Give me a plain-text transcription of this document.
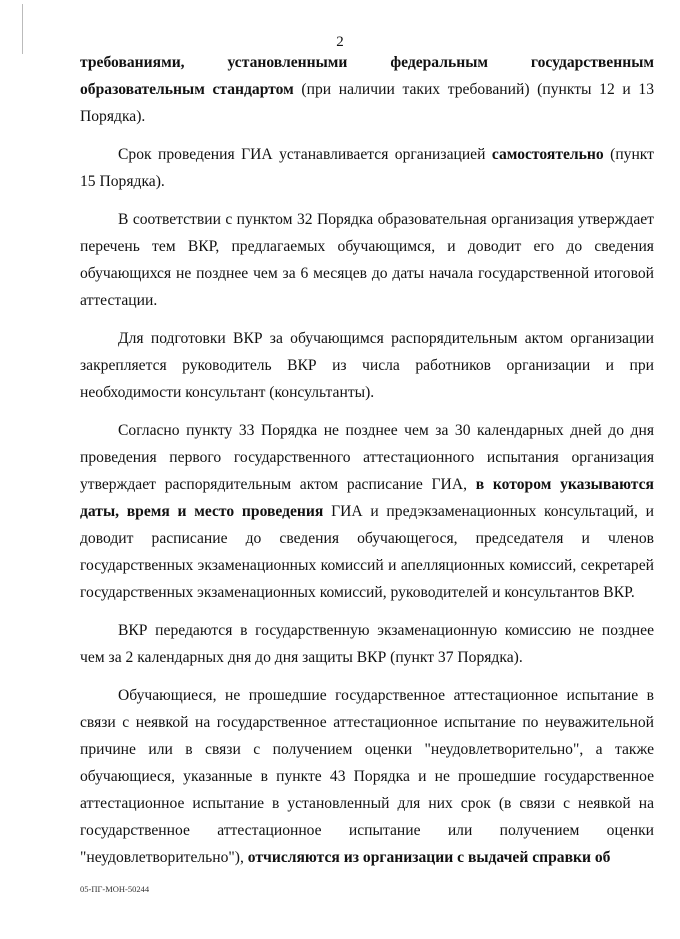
2

требованиями, установленными федеральным государственным образовательным стандартом (при наличии таких требований) (пункты 12 и 13 Порядка).

Срок проведения ГИА устанавливается организацией самостоятельно (пункт 15 Порядка).

В соответствии с пунктом 32 Порядка образовательная организация утверждает перечень тем ВКР, предлагаемых обучающимся, и доводит его до сведения обучающихся не позднее чем за 6 месяцев до даты начала государственной итоговой аттестации.

Для подготовки ВКР за обучающимся распорядительным актом организации закрепляется руководитель ВКР из числа работников организации и при необходимости консультант (консультанты).

Согласно пункту 33 Порядка не позднее чем за 30 календарных дней до дня проведения первого государственного аттестационного испытания организация утверждает распорядительным актом расписание ГИА, в котором указываются даты, время и место проведения ГИА и предэкзаменационных консультаций, и доводит расписание до сведения обучающегося, председателя и членов государственных экзаменационных комиссий и апелляционных комиссий, секретарей государственных экзаменационных комиссий, руководителей и консультантов ВКР.

ВКР передаются в государственную экзаменационную комиссию не позднее чем за 2 календарных дня до дня защиты ВКР (пункт 37 Порядка).

Обучающиеся, не прошедшие государственное аттестационное испытание в связи с неявкой на государственное аттестационное испытание по неуважительной причине или в связи с получением оценки "неудовлетворительно", а также обучающиеся, указанные в пункте 43 Порядка и не прошедшие государственное аттестационное испытание в установленный для них срок (в связи с неявкой на государственное аттестационное испытание или получением оценки "неудовлетворительно"), отчисляются из организации с выдачей справки об

05-ПГ-МОН-50244
